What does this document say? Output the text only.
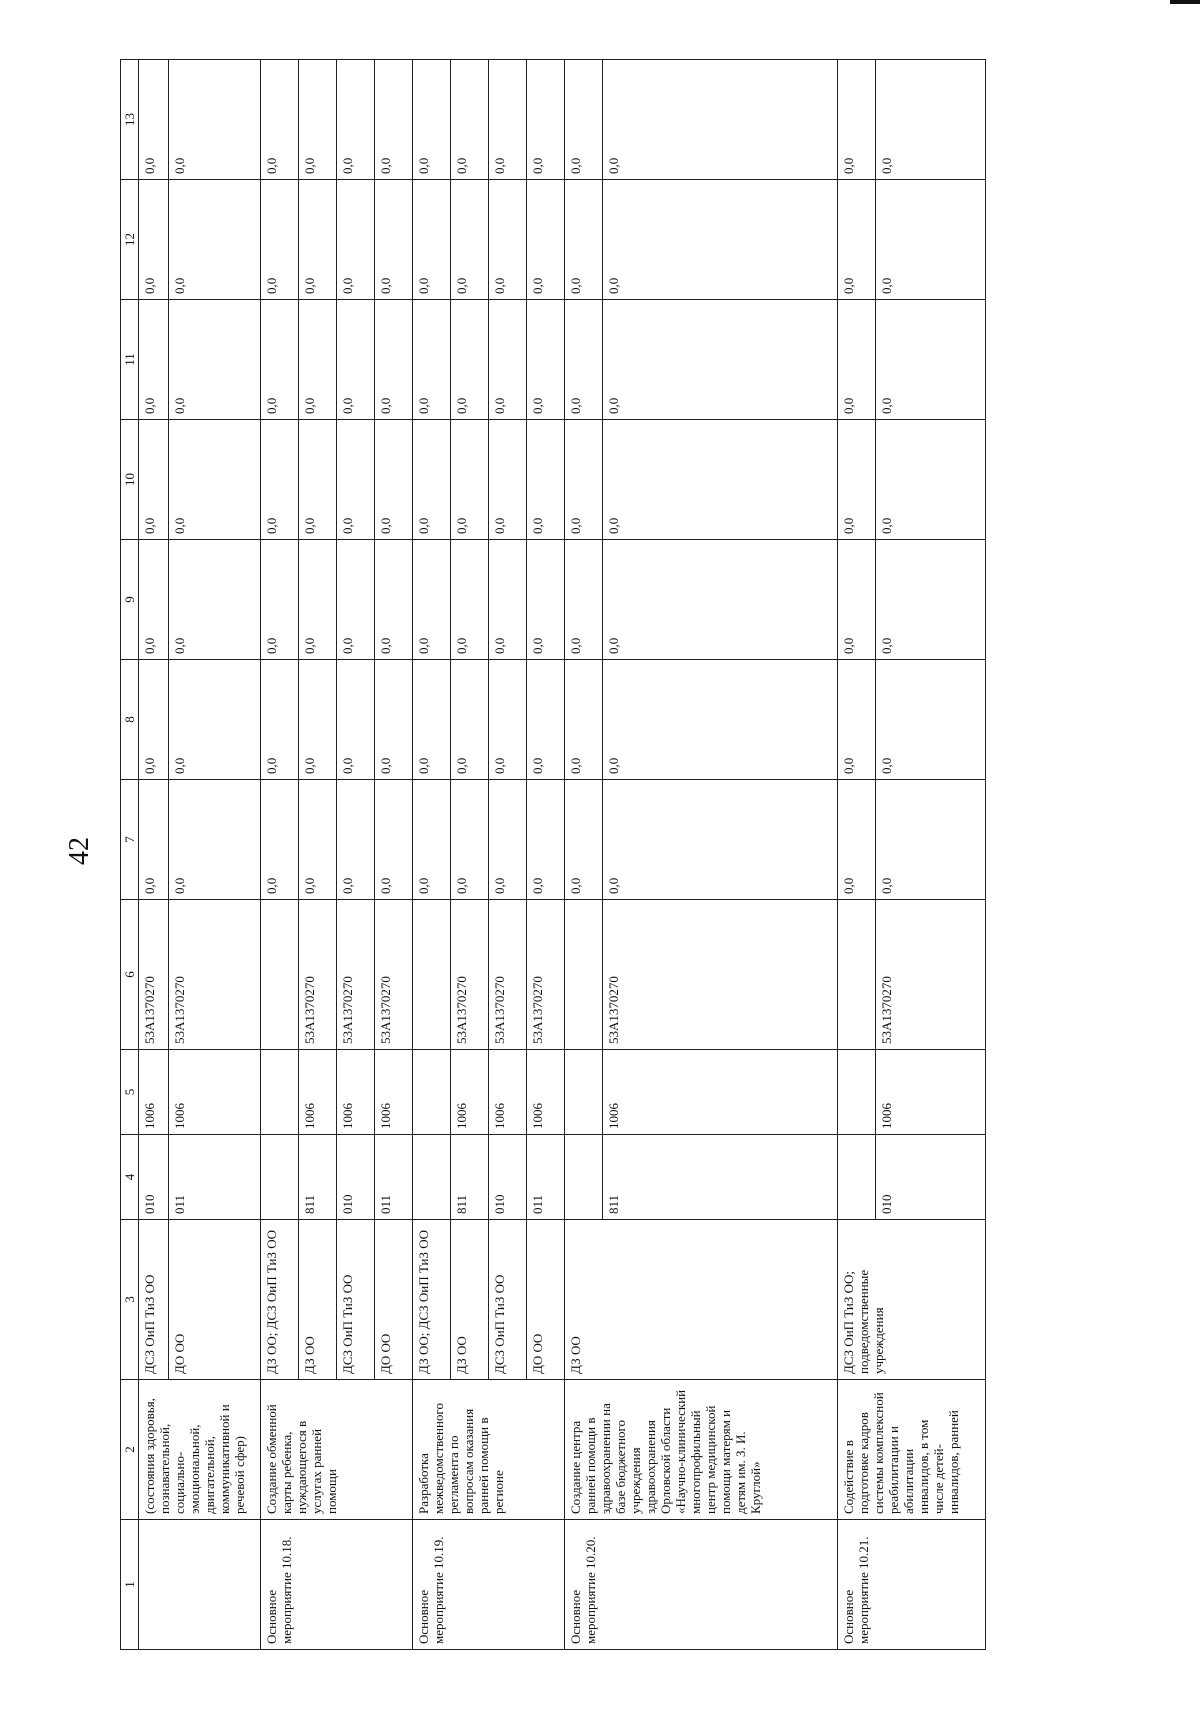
42
1	2	3	4	5	6	7	8	9	10	11	12	13
	(состояния здоровья, познавательной, социально-эмоциональной, двигательной, коммуникативной и речевой сфер)	ДСЗ ОиП ТиЗ ОО	010	1006	53А1370270	0,0	0,0	0,0	0,0	0,0	0,0	0,0
		ДО ОО	011	1006	53А1370270	0,0	0,0	0,0	0,0	0,0	0,0	0,0
Основное мероприятие 10.18.	Создание обменной карты ребенка, нуждающегося в услугах ранней помощи	ДЗ ОО; ДСЗ ОиП ТиЗ ОО				0,0	0,0	0,0	0,0	0,0	0,0	0,0
		ДЗ ОО	811	1006	53А1370270	0,0	0,0	0,0	0,0	0,0	0,0	0,0
		ДСЗ ОиП ТиЗ ОО	010	1006	53А1370270	0,0	0,0	0,0	0,0	0,0	0,0	0,0
		ДО ОО	011	1006	53А1370270	0,0	0,0	0,0	0,0	0,0	0,0	0,0
Основное мероприятие 10.19.	Разработка межведомственного регламента по вопросам оказания ранней помощи в регионе	ДЗ ОО; ДСЗ ОиП ТиЗ ОО				0,0	0,0	0,0	0,0	0,0	0,0	0,0
		ДЗ ОО	811	1006	53А1370270	0,0	0,0	0,0	0,0	0,0	0,0	0,0
		ДСЗ ОиП ТиЗ ОО	010	1006	53А1370270	0,0	0,0	0,0	0,0	0,0	0,0	0,0
		ДО ОО	011	1006	53А1370270	0,0	0,0	0,0	0,0	0,0	0,0	0,0
Основное мероприятие 10.20.	Создание центра ранней помощи в здравоохранении на базе бюджетного учреждения здравоохранения Орловской области «Научно-клинический многопрофильный центр медицинской помощи матерям и детям им. З. И. Круглой»	ДЗ ОО				0,0	0,0	0,0	0,0	0,0	0,0	0,0
			811	1006	53А1370270	0,0	0,0	0,0	0,0	0,0	0,0	0,0
Основное мероприятие 10.21.	Содействие в подготовке кадров системы комплексной реабилитации и абилитации инвалидов, в том числе детей-инвалидов, ранней	ДСЗ ОиП ТиЗ ОО; подведомственные учреждения				0,0	0,0	0,0	0,0	0,0	0,0	0,0
			010	1006	53А1370270	0,0	0,0	0,0	0,0	0,0	0,0	0,0
